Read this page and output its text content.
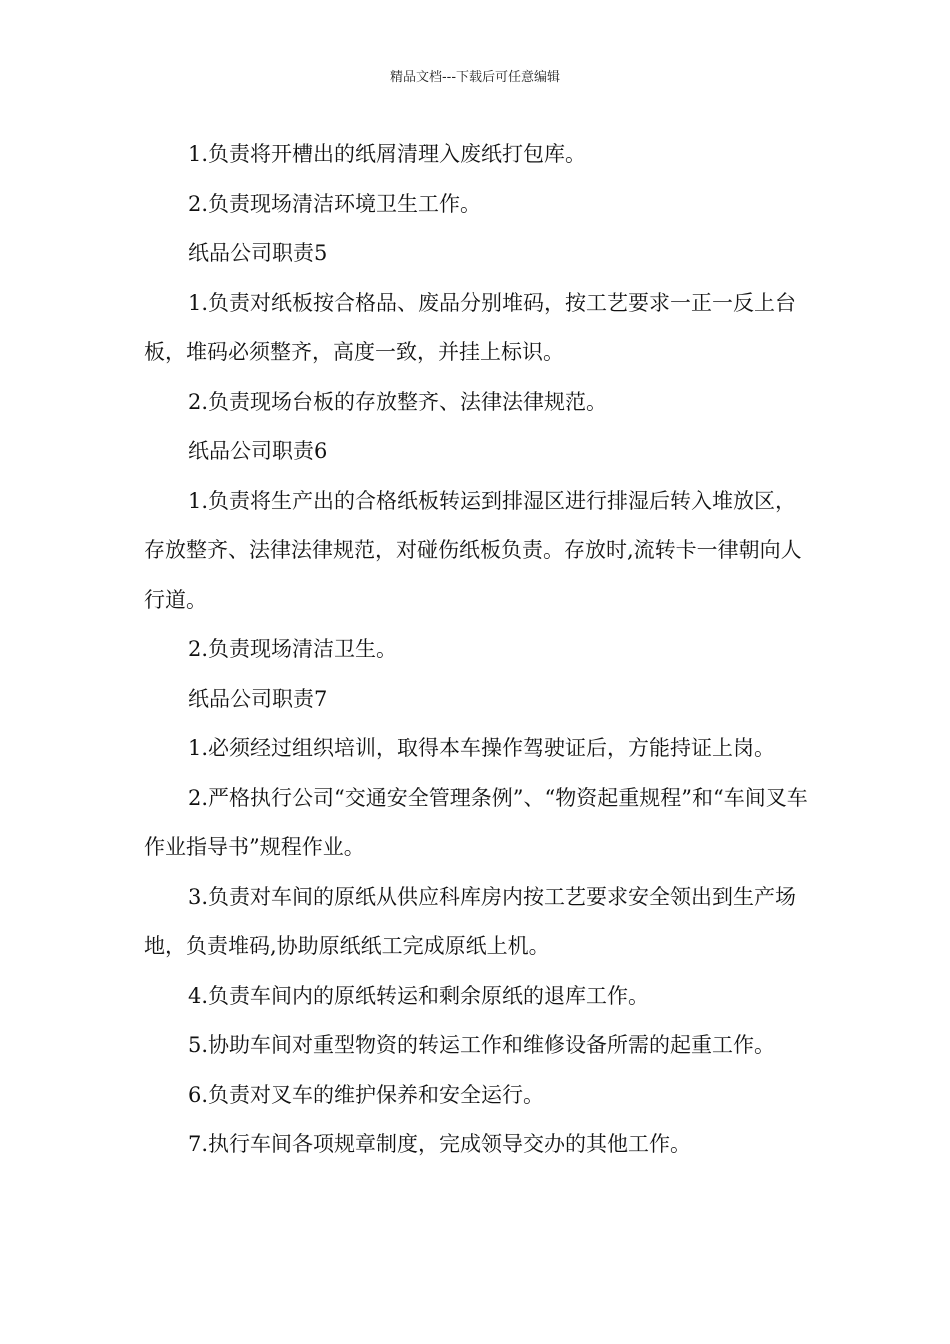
精品文档---下载后可任意编辑

1.负责将开槽出的纸屑清理入废纸打包库。

2.负责现场清洁环境卫生工作。

纸品公司职责5

1.负责对纸板按合格品、废品分别堆码，按工艺要求一正一反上台板，堆码必须整齐，高度一致，并挂上标识。

2.负责现场台板的存放整齐、法律法律规范。

纸品公司职责6

1.负责将生产出的合格纸板转运到排湿区进行排湿后转入堆放区，存放整齐、法律法律规范，对碰伤纸板负责。存放时,流转卡一律朝向人行道。

2.负责现场清洁卫生。

纸品公司职责7

1.必须经过组织培训，取得本车操作驾驶证后，方能持证上岗。

2.严格执行公司“交通安全管理条例”、“物资起重规程”和“车间叉车作业指导书”规程作业。

3.负责对车间的原纸从供应科库房内按工艺要求安全领出到生产场地，负责堆码,协助原纸纸工完成原纸上机。

4.负责车间内的原纸转运和剩余原纸的退库工作。

5.协助车间对重型物资的转运工作和维修设备所需的起重工作。

6.负责对叉车的维护保养和安全运行。

7.执行车间各项规章制度，完成领导交办的其他工作。
